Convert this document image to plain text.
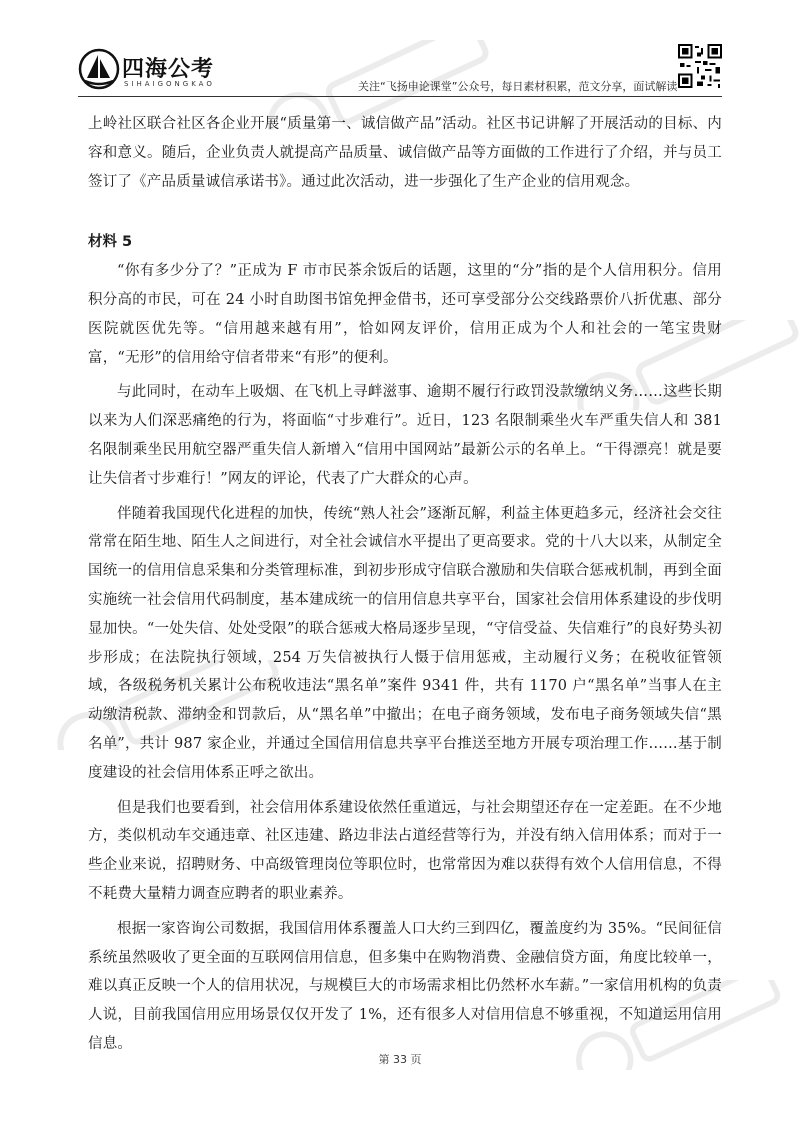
四海公考
SIHAIGONGKAO	关注“飞扬申论课堂”公众号，每日素材积累，范文分享，面试解读

上岭社区联合社区各企业开展“质量第一、诚信做产品”活动。社区书记讲解了开展活动的目标、内容和意义。随后，企业负责人就提高产品质量、诚信做产品等方面做的工作进行了介绍，并与员工签订了《产品质量诚信承诺书》。通过此次活动，进一步强化了生产企业的信用观念。

材料 5

“你有多少分了？”正成为 F 市市民茶余饭后的话题，这里的“分”指的是个人信用积分。信用积分高的市民，可在 24 小时自助图书馆免押金借书，还可享受部分公交线路票价八折优惠、部分医院就医优先等。“信用越来越有用”，恰如网友评价，信用正成为个人和社会的一笔宝贵财富，“无形”的信用给守信者带来“有形”的便利。

与此同时，在动车上吸烟、在飞机上寻衅滋事、逾期不履行行政罚没款缴纳义务……这些长期以来为人们深恶痛绝的行为，将面临“寸步难行”。近日，123 名限制乘坐火车严重失信人和 381 名限制乘坐民用航空器严重失信人新增入“信用中国网站”最新公示的名单上。“干得漂亮！就是要让失信者寸步难行！”网友的评论，代表了广大群众的心声。

伴随着我国现代化进程的加快，传统“熟人社会”逐渐瓦解，利益主体更趋多元，经济社会交往常常在陌生地、陌生人之间进行，对全社会诚信水平提出了更高要求。党的十八大以来，从制定全国统一的信用信息采集和分类管理标准，到初步形成守信联合激励和失信联合惩戒机制，再到全面实施统一社会信用代码制度，基本建成统一的信用信息共享平台，国家社会信用体系建设的步伐明显加快。“一处失信、处处受限”的联合惩戒大格局逐步呈现，“守信受益、失信难行”的良好势头初步形成；在法院执行领域，254 万失信被执行人慑于信用惩戒，主动履行义务；在税收征管领域，各级税务机关累计公布税收违法“黑名单”案件 9341 件，共有 1170 户“黑名单”当事人在主动缴清税款、滞纳金和罚款后，从“黑名单”中撤出；在电子商务领域，发布电子商务领域失信“黑名单”，共计 987 家企业，并通过全国信用信息共享平台推送至地方开展专项治理工作……基于制度建设的社会信用体系正呼之欲出。

但是我们也要看到，社会信用体系建设依然任重道远，与社会期望还存在一定差距。在不少地方，类似机动车交通违章、社区违建、路边非法占道经营等行为，并没有纳入信用体系；而对于一些企业来说，招聘财务、中高级管理岗位等职位时，也常常因为难以获得有效个人信用信息，不得不耗费大量精力调查应聘者的职业素养。

根据一家咨询公司数据，我国信用体系覆盖人口大约三到四亿，覆盖度约为 35%。“民间征信系统虽然吸收了更全面的互联网信用信息，但多集中在购物消费、金融信贷方面，角度比较单一，难以真正反映一个人的信用状况，与规模巨大的市场需求相比仍然杯水车薪。”一家信用机构的负责人说，目前我国信用应用场景仅仅开发了 1%，还有很多人对信用信息不够重视，不知道运用信用信息。

第 33 页
